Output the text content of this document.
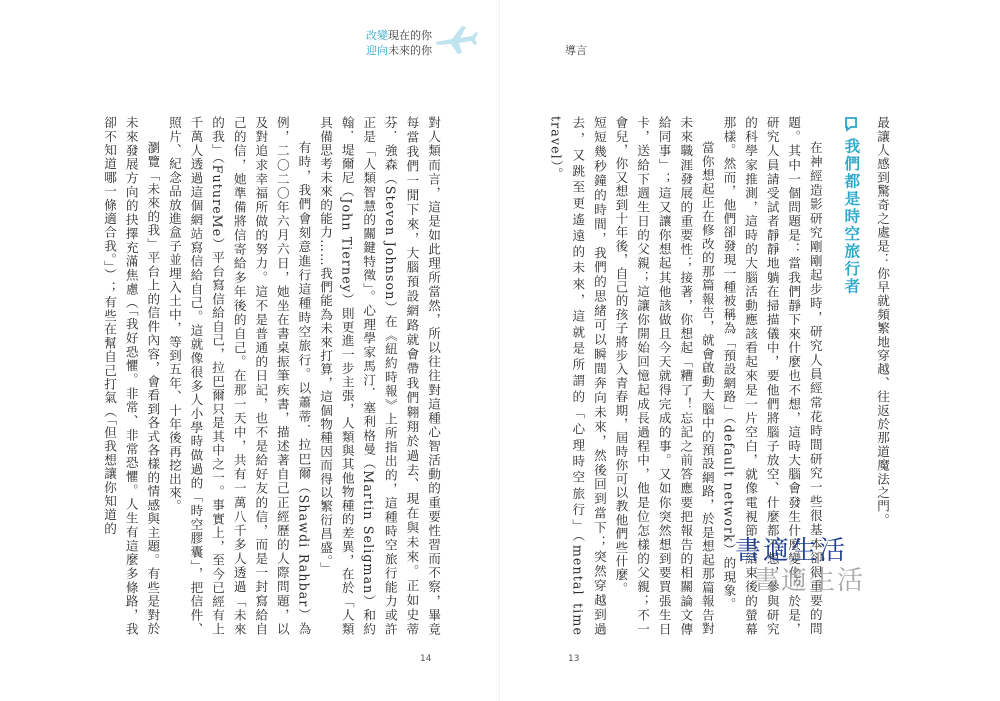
改變現在的你
迎向未來的你

對人類而言，這是如此理所當然，所以往往對這種心智活動的重要性習而不察，畢竟每當我們一閒下來，大腦預設網路就會帶我們翱翔於過去、現在與未來。正如史蒂芬．強森（Steven Johnson）在《紐約時報》上所指出的，這種時空旅行能力或許正是「人類智慧的關鍵特徵」。心理學家馬汀．塞利格曼（Martin Seligman）和約翰．堤爾尼（John Tierney）則更進一步主張，人類與其他物種的差異，在於「人類具備思考未來的能力……我們能為未來打算，這個物種因而得以繁衍昌盛。」

有時，我們會刻意進行這種時空旅行。以蕭蒂．拉巴爾（Shawdi Rahbar）為例，二〇二〇年六月六日，她坐在書桌振筆疾書，描述著自己正經歷的人際問題，以及對追求幸福所做的努力。這不是普通的日記，也不是給好友的信，而是一封寫給自己的信，她準備將信寄給多年後的自己。在那一天中，共有一萬八千多人透過「未來的我」（FutureMe）平台寫信給自己，拉巴爾只是其中之一。事實上，至今已經有上千萬人透過這個網站寫信給自己。這就像很多人小學時做過的「時空膠囊」，把信件、照片、紀念品放進盒子並埋入土中，等到五年、十年後再挖出來。

瀏覽「未來的我」平台上的信件內容，會看到各式各樣的情感與主題。有些是對於未來發展方向的抉擇充滿焦慮（「我好恐懼。非常、非常恐懼。人生有這麼多條路，我卻不知道哪一條適合我。」）；有些在幫自己打氣（「但我想讓你知道的

14
導言

最讓人感到驚奇之處是：你早就頻繁地穿越、往返於那道魔法之門。

我們都是時空旅行者

在神經造影研究剛剛起步時，研究人員經常花時間研究一些很基本卻很重要的問題。其中一個問題是：當我們靜下來什麼也不想，這時大腦會發生什麼變化？於是，研究人員請受試者靜靜地躺在掃描儀中，要他們將腦子放空、什麼都不想，參與研究的科學家推測，這時的大腦活動應該看起來是一片空白，就像電視節目結束後的螢幕那樣。然而，他們卻發現一種被稱為「預設網路」（default network）的現象。

當你想起正在修改的那篇報告，就會啟動大腦中的預設網路，於是想起那篇報告對未來職涯發展的重要性；接著，你想起「糟了！忘記之前答應要把報告的相關論文傳給同事」；這又讓你想起其他該做且今天就得完成的事。又如你突然想到要買張生日卡，送給下週生日的父親；這讓你開始回憶起成長過程中，他是位怎樣的父親；不一會兒，你又想到十年後，自己的孩子將步入青春期，屆時你可以教他們些什麼。

短短幾秒鐘的時間，我們的思緒可以瞬間奔向未來，然後回到當下；突然穿越到過去，又跳至更遙遠的未來，這就是所謂的「心理時空旅行」（mental time travel）。

13
書適生活
書適生活
